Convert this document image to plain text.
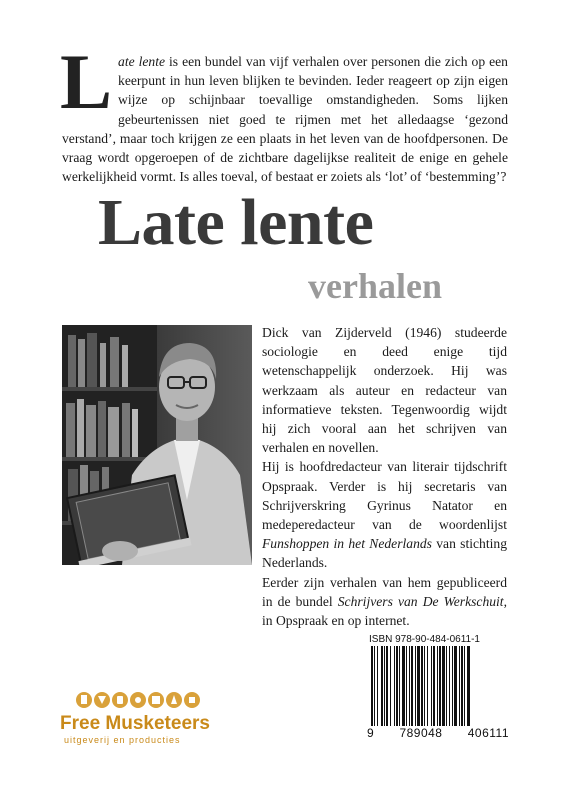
Late lente is een bundel van vijf verhalen over personen die zich op een keerpunt in hun leven blijken te bevinden. Ieder reageert op zijn eigen wijze op schijnbaar toevallige omstandigheden. Soms lijken gebeurtenissen niet goed te rijmen met het alledaagse ‘gezond verstand’, maar toch krijgen ze een plaats in het leven van de hoofdpersonen. De vraag wordt opgeroepen of de zichtbare dagelijkse realiteit de enige en gehele werkelijkheid vormt. Is alles toeval, of bestaat er zoiets als ‘lot’ of ‘bestemming’?
Late lente
verhalen

Dick van Zijderveld (1946) studeerde sociologie en deed enige tijd wetenschappelijk onderzoek. Hij was werkzaam als auteur en redacteur van informatieve teksten. Tegenwoordig wijdt hij zich vooral aan het schrijven van verhalen en novellen.

Hij is hoofdredacteur van literair tijdschrift Opspraak. Verder is hij secretaris van Schrijverskring Gyrinus Natator en medeperedacteur van de woordenlijst Funshoppen in het Nederlands van stichting Nederlands.

Eerder zijn verhalen van hem gepubliceerd in de bundel Schrijvers van De Werkschuit, in Opspraak en op internet.

ISBN 978-90-484-0611-1
9 789048 406111
Free Musketeers
uitgeverij en producties
